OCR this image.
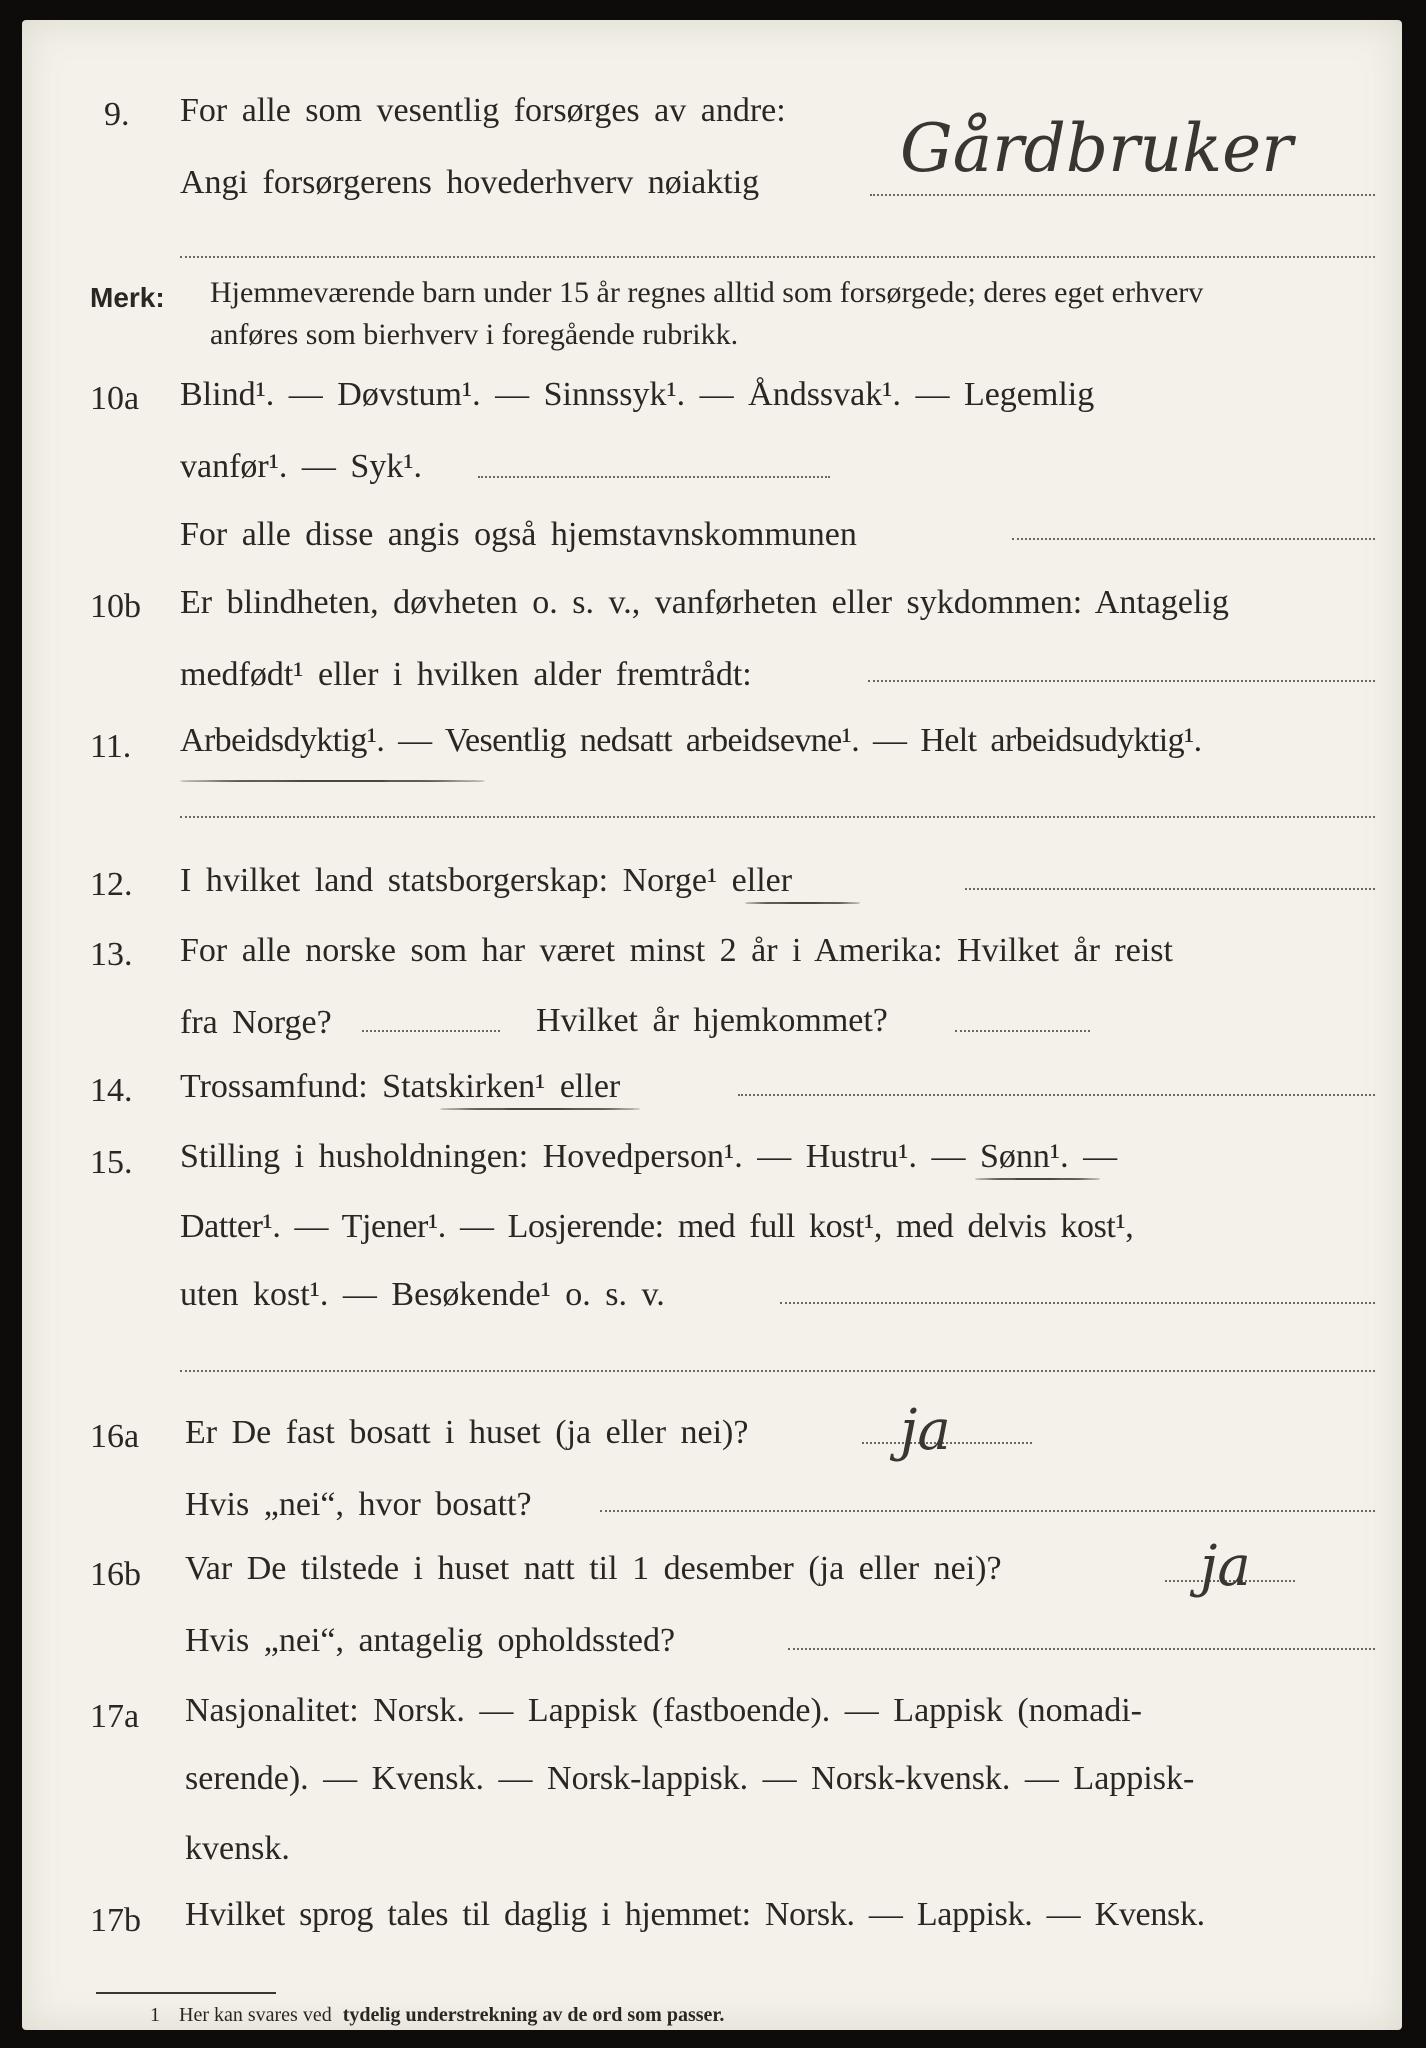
9. For alle som vesentlig forsørges av andre:
Angi forsørgerens hovederhverv nøiaktig Gårdbruker
Merk: Hjemmeværende barn under 15 år regnes alltid som forsørgede; deres eget erhverv
anføres som bierhverv i foregående rubrikk.
10a Blind¹. — Døvstum¹. — Sinnssyk¹. — Åndssvak¹. — Legemlig
vanfør¹. — Syk¹.
For alle disse angis også hjemstavnskommunen
10b Er blindheten, døvheten o. s. v., vanførheten eller sykdommen: Antagelig
medfødt¹ eller i hvilken alder fremtrådt:
11. Arbeidsdyktig¹. — Vesentlig nedsatt arbeidsevne¹. — Helt arbeidsudyktig¹.
12. I hvilket land statsborgerskap: Norge¹ eller
13. For alle norske som har været minst 2 år i Amerika: Hvilket år reist
fra Norge?	Hvilket år hjemkommet?
14. Trossamfund: Statskirken¹ eller
15. Stilling i husholdningen: Hovedperson¹. — Hustru¹. — Sønn¹. —
Datter¹. — Tjener¹. — Losjerende: med full kost¹, med delvis kost¹,
uten kost¹. — Besøkende¹ o. s. v.
16a Er De fast bosatt i huset (ja eller nei)?	ja
Hvis „nei“, hvor bosatt?
16b Var De tilstede i huset natt til 1 desember (ja eller nei)?	ja
Hvis „nei“, antagelig opholdssted?
17a Nasjonalitet: Norsk. — Lappisk (fastboende). — Lappisk (nomadi-
serende). — Kvensk. — Norsk-lappisk. — Norsk-kvensk. — Lappisk-
kvensk.
17b Hvilket sprog tales til daglig i hjemmet: Norsk. — Lappisk. — Kvensk.
1 Her kan svares ved tydelig understrekning av de ord som passer.
